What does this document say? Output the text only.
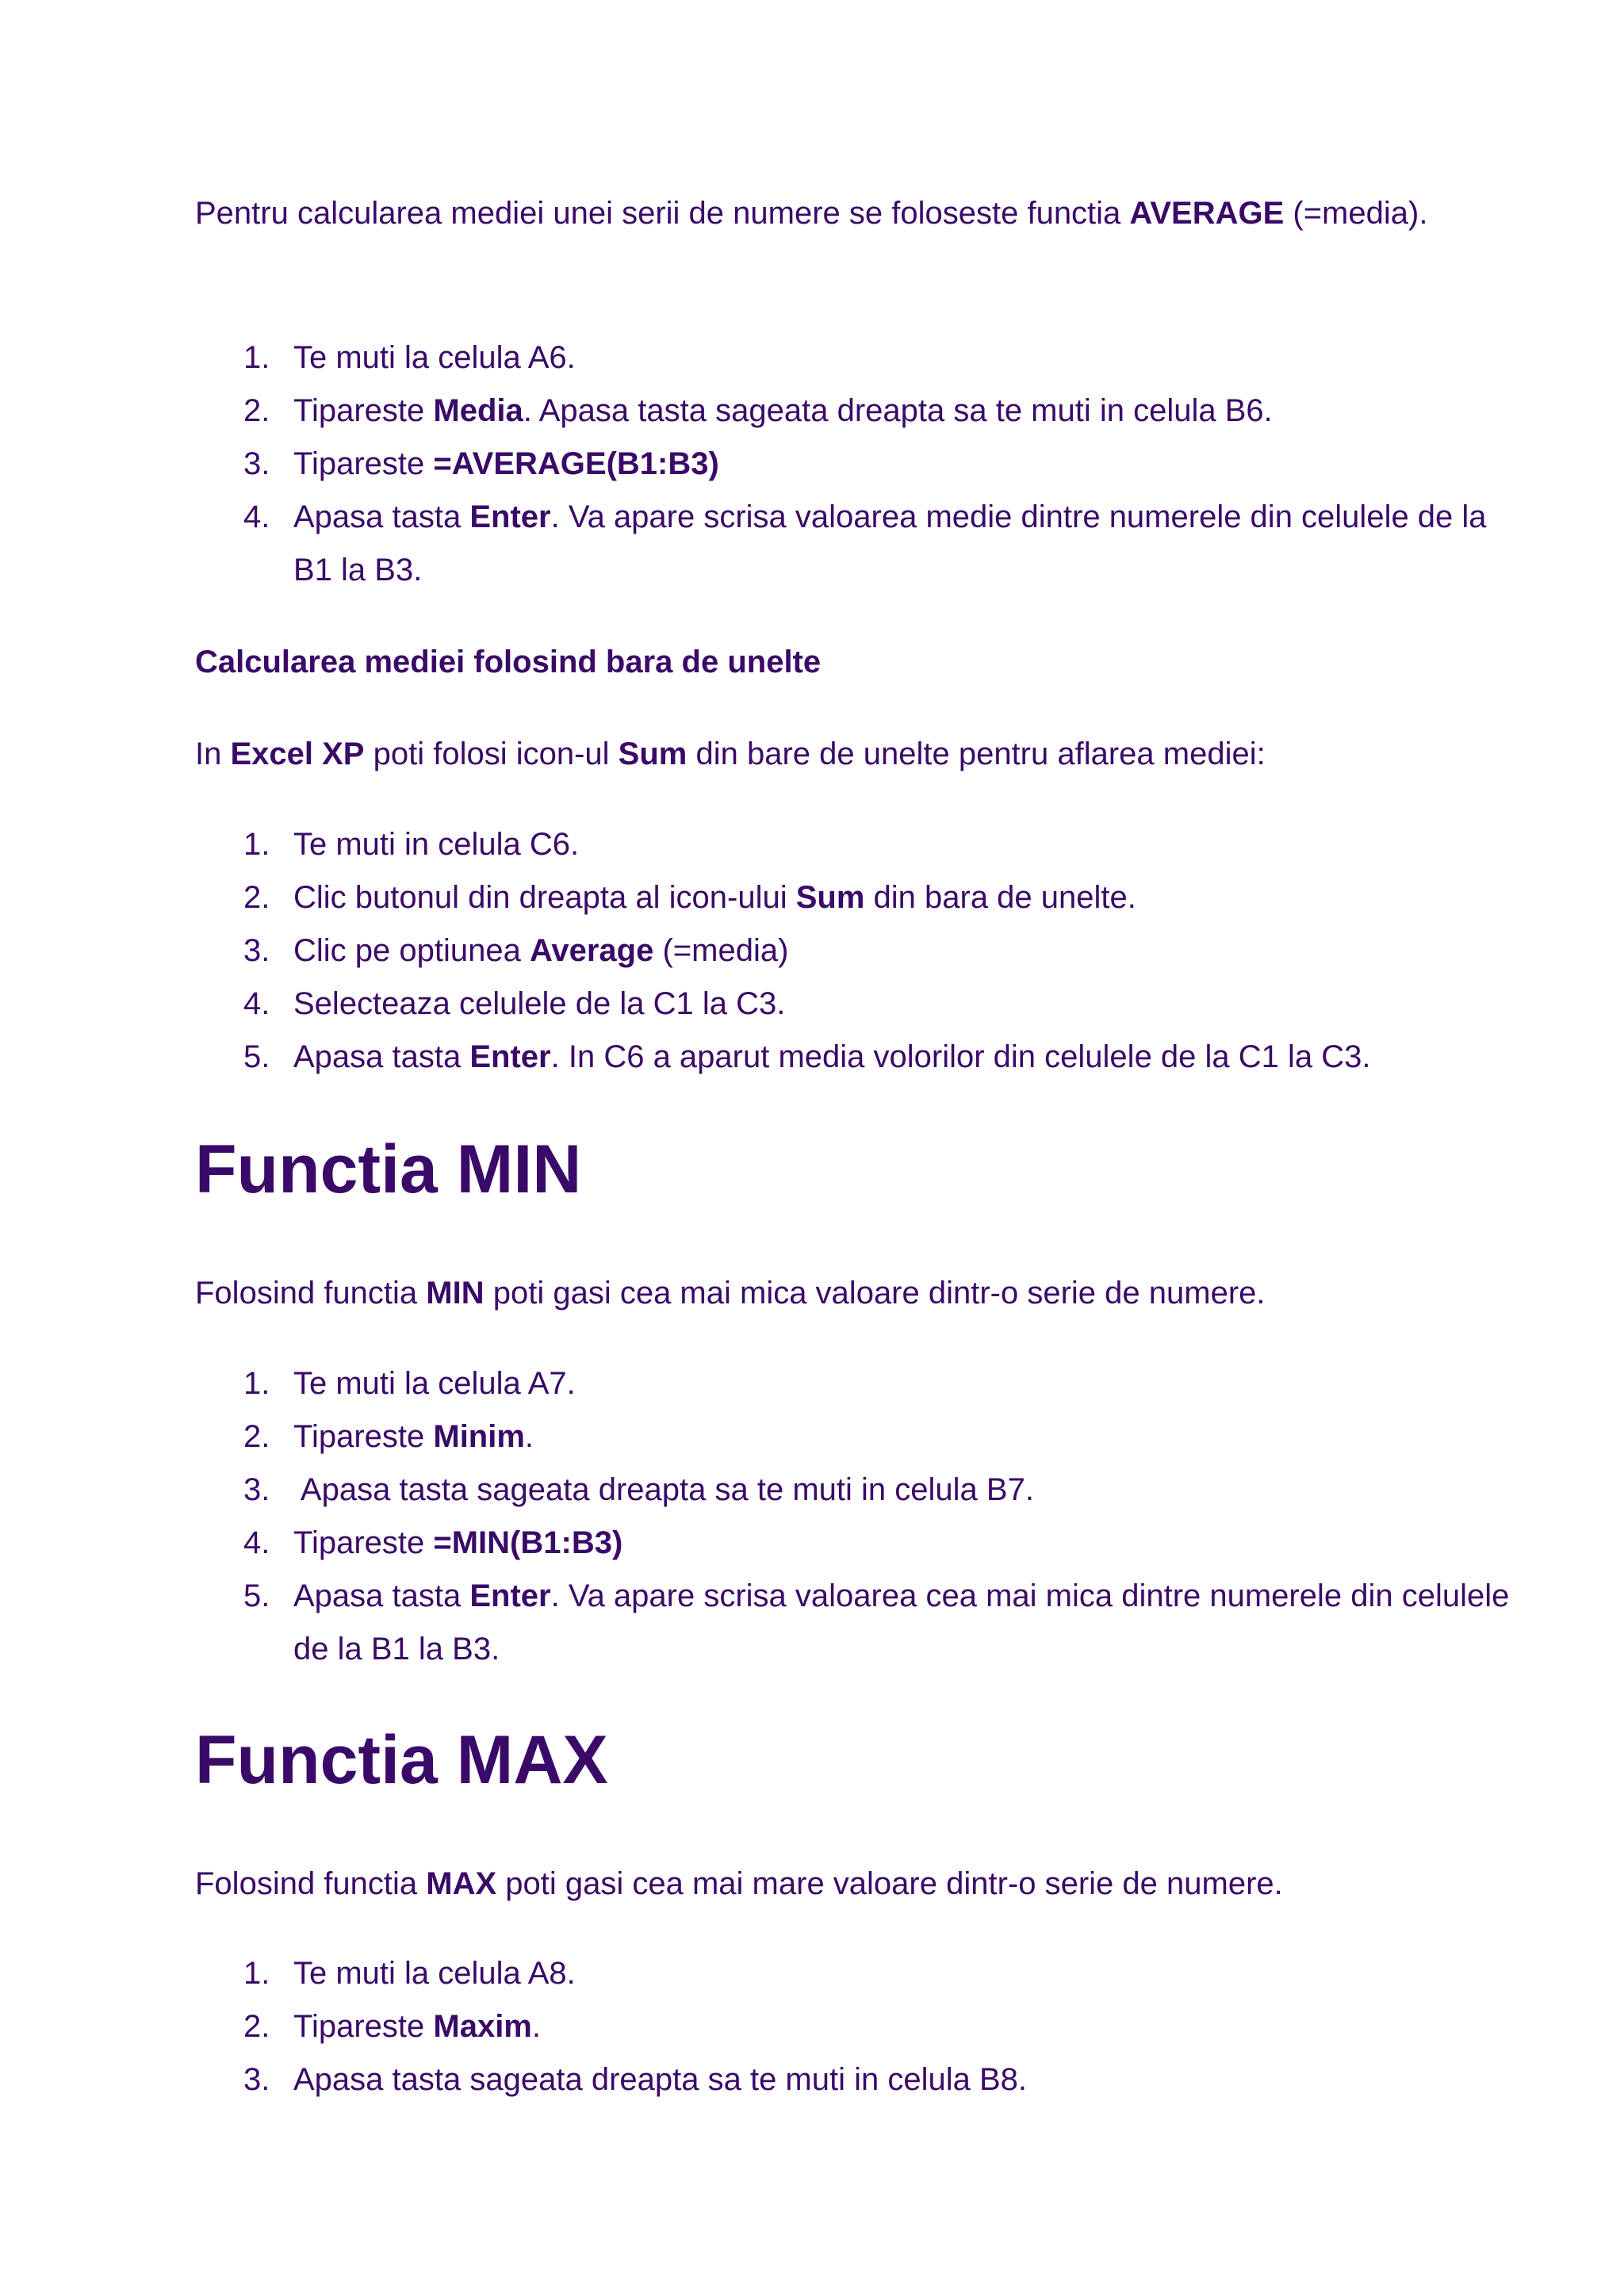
Pentru calcularea mediei unei serii de numere se foloseste functia AVERAGE (=media).

1. Te muti la celula A6.
2. Tipareste Media. Apasa tasta sageata dreapta sa te muti in celula B6.
3. Tipareste =AVERAGE(B1:B3)
4. Apasa tasta Enter. Va apare scrisa valoarea medie dintre numerele din celulele de la B1 la B3.

Calcularea mediei folosind bara de unelte

In Excel XP poti folosi icon-ul Sum din bare de unelte pentru aflarea mediei:

1. Te muti in celula C6.
2. Clic butonul din dreapta al icon-ului Sum din bara de unelte.
3. Clic pe optiunea Average (=media)
4. Selecteaza celulele de la C1 la C3.
5. Apasa tasta Enter. In C6 a aparut media volorilor din celulele de la C1 la C3.
Functia MIN

Folosind functia MIN poti gasi cea mai mica valoare dintr-o serie de numere.

1. Te muti la celula A7.
2. Tipareste Minim.
3. Apasa tasta sageata dreapta sa te muti in celula B7.
4. Tipareste =MIN(B1:B3)
5. Apasa tasta Enter. Va apare scrisa valoarea cea mai mica dintre numerele din celulele de la B1 la B3.
Functia MAX

Folosind functia MAX poti gasi cea mai mare valoare dintr-o serie de numere.

1. Te muti la celula A8.
2. Tipareste Maxim.
3. Apasa tasta sageata dreapta sa te muti in celula B8.
